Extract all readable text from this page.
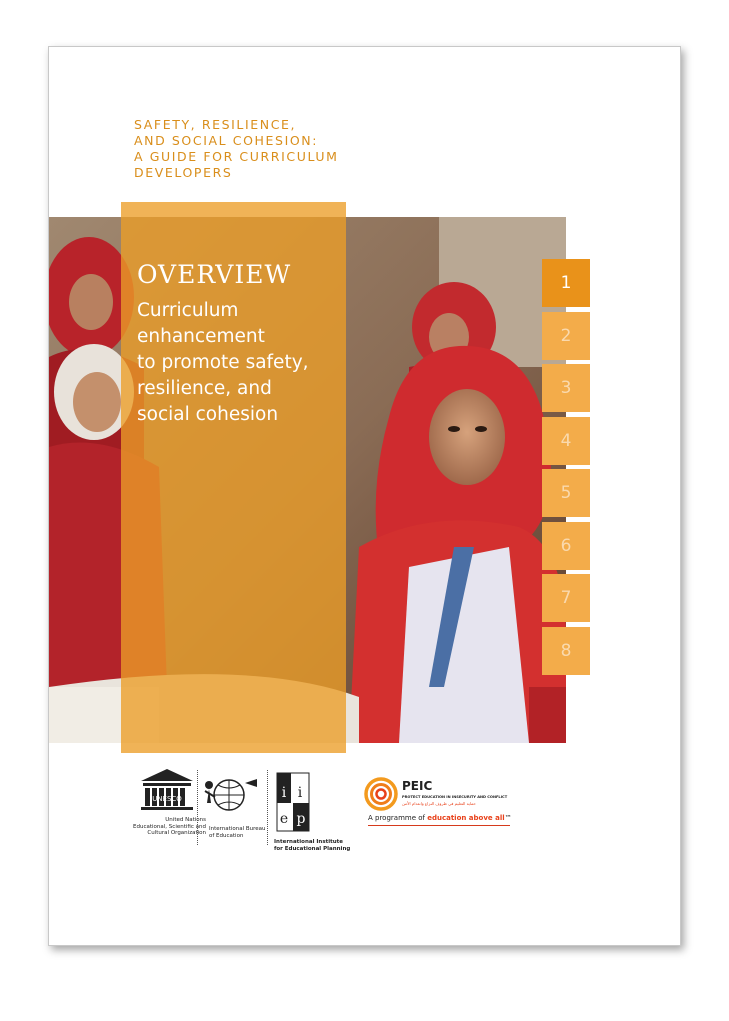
SAFETY, RESILIENCE,
AND SOCIAL COHESION:
A GUIDE FOR CURRICULUM
DEVELOPERS
OVERVIEW
Curriculum
enhancement
to promote safety,
resilience, and
social cohesion
1
2
3
4
5
6
7
8
UNESCO
United Nations
Educational, Scientific and
Cultural Organization
International Bureau
of Education
i i
e p
International Institute
for Educational Planning
PEIC
PROTECT EDUCATION IN INSECURITY AND CONFLICT
حماية التعليم في ظروف النزاع وانعدام الأمن
A programme of education above all™
